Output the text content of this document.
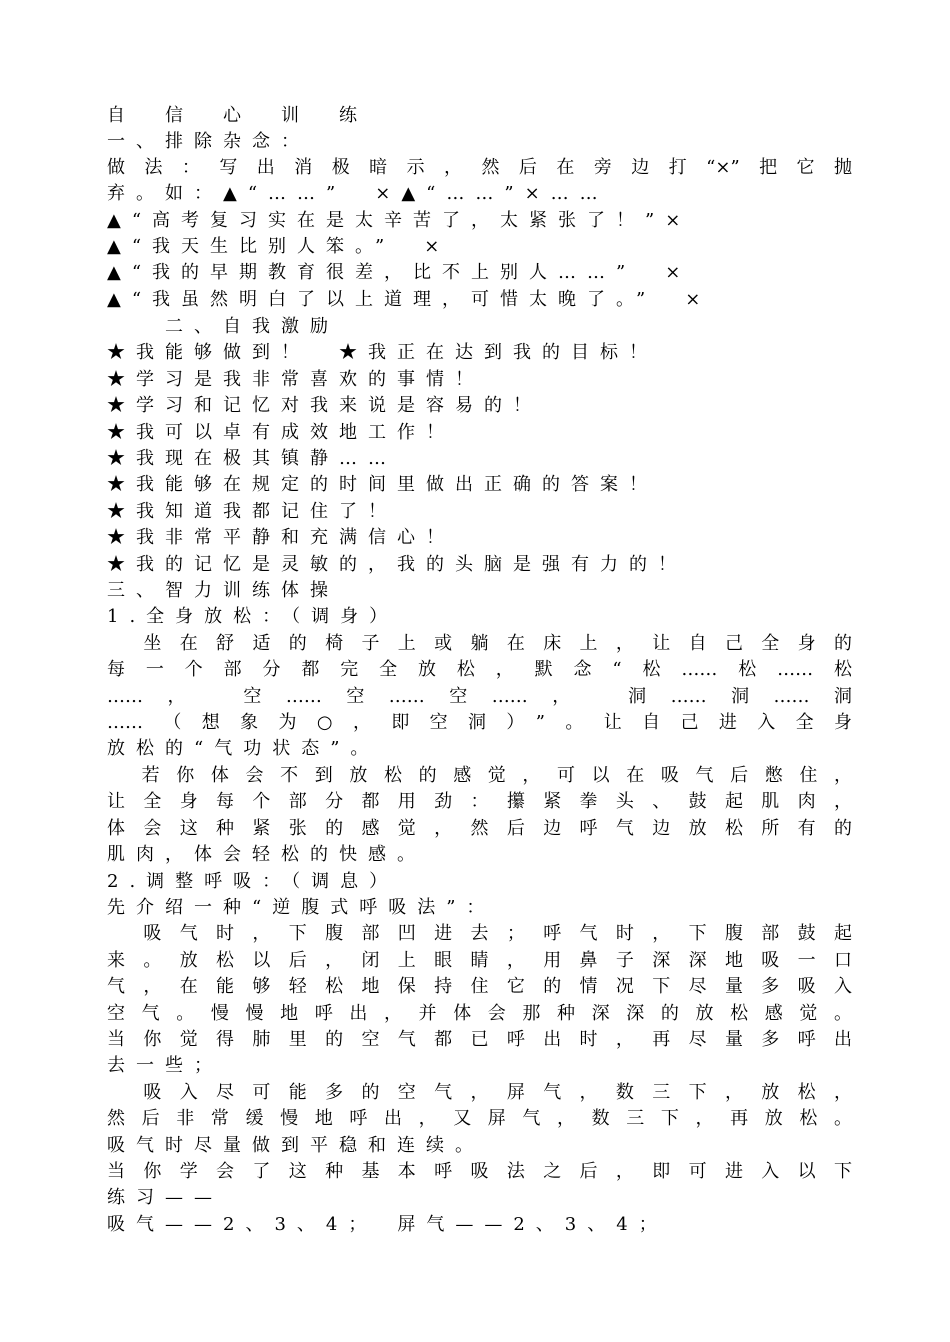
自　信　心　训　练
一、排除杂念：
做法：写出消极暗示，然后在旁边打“×”把它抛
弃。如：▲“……”　×▲“……”×……
▲“高考复习实在是太辛苦了，太紧张了！”×
▲“我天生比别人笨。”　×
▲“我的早期教育很差，比不上别人……”　×
▲“我虽然明白了以上道理，可惜太晚了。”　×
　　二、自我激励
★我能够做到！　★我正在达到我的目标！
★学习是我非常喜欢的事情！
★学习和记忆对我来说是容易的！
★我可以卓有成效地工作！
★我现在极其镇静……
★我能够在规定的时间里做出正确的答案！
★我知道我都记住了！
★我非常平静和充满信心！
★我的记忆是灵敏的，我的头脑是强有力的！
三、智力训练体操
1.全身放松：（调身）
　坐在舒适的椅子上或躺在床上，让自己全身的
每一个部分都完全放松，默念“松……松……松
……，　空……空……空……，　洞……洞……洞
……（想象为○，即空洞）”。让自己进入全身
放松的“气功状态”。
　若你体会不到放松的感觉，可以在吸气后憋住，
让全身每个部分都用劲：攥紧拳头、鼓起肌肉，
体会这种紧张的感觉，然后边呼气边放松所有的
肌肉，体会轻松的快感。
2.调整呼吸：（调息）
先介绍一种“逆腹式呼吸法”：
　吸气时，下腹部凹进去；呼气时，下腹部鼓起
来。放松以后，闭上眼睛，用鼻子深深地吸一口
气，在能够轻松地保持住它的情况下尽量多吸入
空气。慢慢地呼出，并体会那种深深的放松感觉。
当你觉得肺里的空气都已呼出时，再尽量多呼出
去一些；
　吸入尽可能多的空气，屏气，数三下，放松，
然后非常缓慢地呼出，又屏气，数三下，再放松。
吸气时尽量做到平稳和连续。
当你学会了这种基本呼吸法之后，即可进入以下
练习——
吸气——2、3、4；　屏气——2、3、4；
